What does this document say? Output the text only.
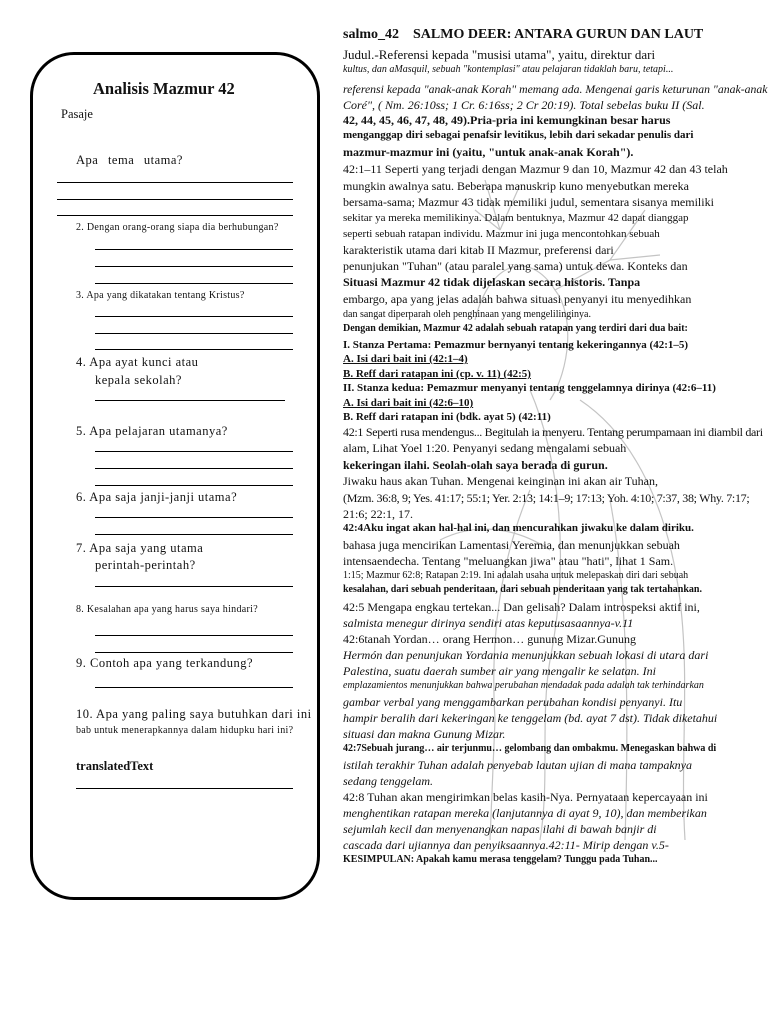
Analisis Mazmur 42
Pasaje
Apa tema utama?
2. Dengan orang-orang siapa dia berhubungan?
3. Apa yang dikatakan tentang Kristus?
4. Apa ayat kunci atau
kepala sekolah?
5. Apa pelajaran utamanya?
6. Apa saja janji-janji utama?
7. Apa saja yang utama
perintah-perintah?
8. Kesalahan apa yang harus saya hindari?
9. Contoh apa yang terkandung?
10. Apa yang paling saya butuhkan dari ini
bab untuk menerapkannya dalam hidupku hari ini?
translatedText
salmo_42 SALMO DEER: ANTARA GURUN DAN LAUT
Judul.-Referensi kepada "musisi utama", yaitu, direktur dari
kultus, dan aMasquil, sebuah "kontemplasi" atau pelajaran tidaklah baru, tetapi...
referensi kepada "anak-anak Korah" memang ada. Mengenai garis keturunan "anak-anak
Coré", ( Nm. 26:10ss; 1 Cr. 6:16ss; 2 Cr 20:19). Total sebelas buku II (Sal.
42, 44, 45, 46, 47, 48, 49).Pria-pria ini kemungkinan besar harus
menganggap diri sebagai penafsir levitikus, lebih dari sekadar penulis dari
mazmur-mazmur ini (yaitu, "untuk anak-anak Korah").
42:1–11 Seperti yang terjadi dengan Mazmur 9 dan 10, Mazmur 42 dan 43 telah
mungkin awalnya satu. Beberapa manuskrip kuno menyebutkan mereka
bersama-sama; Mazmur 43 tidak memiliki judul, sementara sisanya memiliki
sekitar ya mereka memilikinya. Dalam bentuknya, Mazmur 42 dapat dianggap
seperti sebuah ratapan individu. Mazmur ini juga mencontohkan sebuah
karakteristik utama dari kitab II Mazmur, preferensi dari
penunjukan "Tuhan" (atau paralel yang sama) untuk dewa. Konteks dan
Situasi Mazmur 42 tidak dijelaskan secara historis. Tanpa
embargo, apa yang jelas adalah bahwa situasi penyanyi itu menyedihkan
dan sangat diperparah oleh penghinaan yang mengelilinginya.
Dengan demikian, Mazmur 42 adalah sebuah ratapan yang terdiri dari dua bait:
I. Stanza Pertama: Pemazmur bernyanyi tentang kekeringannya (42:1–5)
A. Isi dari bait ini (42:1–4)
B. Reff dari ratapan ini (cp. v. 11) (42:5)
II. Stanza kedua: Pemazmur menyanyi tentang tenggelamnya dirinya (42:6–11)
A. Isi dari bait ini (42:6–10)
B. Reff dari ratapan ini (bdk. ayat 5) (42:11)
42:1 Seperti rusa mendengus... Begitulah ia menyeru. Tentang perumpamaan ini diambil dari
alam, Lihat Yoel 1:20. Penyanyi sedang mengalami sebuah
kekeringan ilahi. Seolah-olah saya berada di gurun.
Jiwaku haus akan Tuhan. Mengenai keinginan ini akan air Tuhan,
(Mzm. 36:8, 9; Yes. 41:17; 55:1; Yer. 2:13; 14:1–9; 17:13; Yoh. 4:10; 7:37, 38; Why. 7:17;
21:6; 22:1, 17.
42:4Aku ingat akan hal-hal ini, dan mencurahkan jiwaku ke dalam diriku.
bahasa juga mencirikan Lamentasi Yeremia, dan menunjukkan sebuah
intensaendecha. Tentang "meluangkan jiwa" atau "hati", lihat 1 Sam.
1:15; Mazmur 62:8; Ratapan 2:19. Ini adalah usaha untuk melepaskan diri dari sebuah
kesalahan, dari sebuah penderitaan, dari sebuah penderitaan yang tak tertahankan.
42:5 Mengapa engkau tertekan... Dan gelisah? Dalam introspeksi aktif ini,
salmista menegur dirinya sendiri atas keputusasaannya-v.11
42:6tanah Yordan… orang Hermon… gunung Mizar.Gunung
Hermón dan penunjukan Yordania menunjukkan sebuah lokasi di utara dari
Palestina, suatu daerah sumber air yang mengalir ke selatan. Ini
emplazamientos menunjukkan bahwa perubahan mendadak pada adalah tak terhindarkan
gambar verbal yang menggambarkan perubahan kondisi penyanyi. Itu
hampir beralih dari kekeringan ke tenggelam (bd. ayat 7 dst). Tidak diketahui
situasi dan makna Gunung Mizar.
42:7Sebuah jurang… air terjunmu… gelombang dan ombakmu. Menegaskan bahwa di
istilah terakhir Tuhan adalah penyebab lautan ujian di mana tampaknya
sedang tenggelam.
42:8 Tuhan akan mengirimkan belas kasih-Nya. Pernyataan kepercayaan ini
menghentikan ratapan mereka (lanjutannya di ayat 9, 10), dan memberikan
sejumlah kecil dan menyenangkan napas ilahi di bawah banjir di
cascada dari ujiannya dan penyiksaannya.42:11- Mirip dengan v.5-
KESIMPULAN: Apakah kamu merasa tenggelam? Tunggu pada Tuhan...
